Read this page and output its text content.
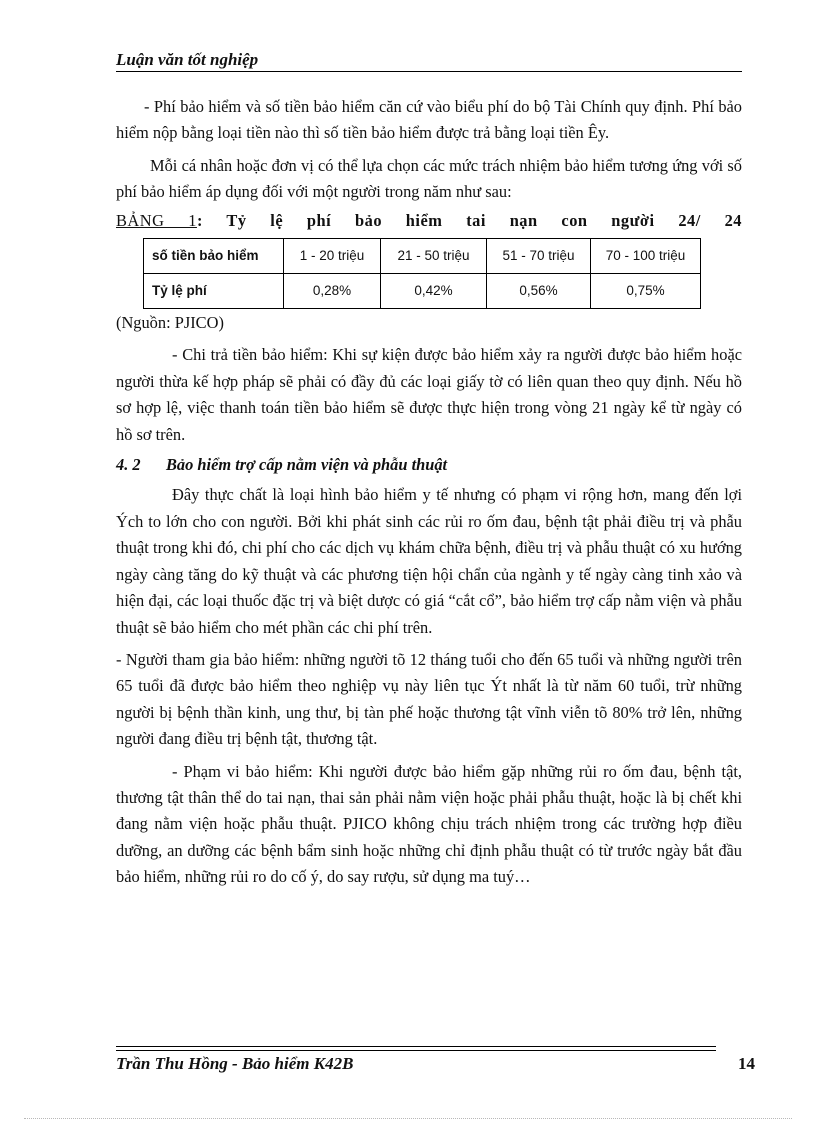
Luận văn tốt nghiệp

- Phí bảo hiểm và số tiền bảo hiểm căn cứ vào biểu phí do bộ Tài Chính quy định. Phí bảo hiểm nộp bằng loại tiền nào thì số tiền bảo hiểm được trả bằng loại tiền Êy.

Mỗi cá nhân hoặc đơn vị có thể lựa chọn các mức trách nhiệm bảo hiểm tương ứng với số phí bảo hiểm áp dụng đối với một người trong năm như sau:

BẢNG 1: Tỷ lệ phí bảo hiểm tai nạn con người 24/ 24

số tiền bảo hiểm	1 - 20 triệu	21 - 50 triệu	51 - 70 triệu	70 - 100 triệu
Tỷ lệ phí	0,28%	0,42%	0,56%	0,75%

(Nguồn: PJICO)

- Chi trả tiền bảo hiểm: Khi sự kiện được bảo hiểm xảy ra người được bảo hiểm hoặc người thừa kế hợp pháp sẽ phải có đầy đủ các loại giấy tờ có liên quan theo quy định. Nếu hồ sơ hợp lệ, việc thanh toán tiền bảo hiểm sẽ được thực hiện trong vòng 21 ngày kể từ ngày có hồ sơ trên.

4. 2 Bảo hiểm trợ cấp nằm viện và phẫu thuật

Đây thực chất là loại hình bảo hiểm y tế nhưng có phạm vi rộng hơn, mang đến lợi Ých to lớn cho con người. Bởi khi phát sinh các rủi ro ốm đau, bệnh tật phải điều trị và phẫu thuật trong khi đó, chi phí cho các dịch vụ khám chữa bệnh, điều trị và phẫu thuật có xu hướng ngày càng tăng do kỹ thuật và các phương tiện hội chẩn của ngành y tế ngày càng tinh xảo và hiện đại, các loại thuốc đặc trị và biệt dược có giá “cắt cổ”, bảo hiểm trợ cấp nằm viện và phẫu thuật sẽ bảo hiểm cho mét phần các chi phí trên.

- Người tham gia bảo hiểm: những người tõ 12 tháng tuổi cho đến 65 tuổi và những người trên 65 tuổi đã được bảo hiểm theo nghiệp vụ này liên tục Ýt nhất là từ năm 60 tuổi, trừ những người bị bệnh thần kinh, ung thư, bị tàn phế hoặc thương tật vĩnh viễn tõ 80% trở lên, những người đang điều trị bệnh tật, thương tật.

- Phạm vi bảo hiểm: Khi người được bảo hiểm gặp những rủi ro ốm đau, bệnh tật, thương tật thân thể do tai nạn, thai sản phải nằm viện hoặc phải phẫu thuật, hoặc là bị chết khi đang nằm viện hoặc phẫu thuật. PJICO không chịu trách nhiệm trong các trường hợp điều dưỡng, an dưỡng các bệnh bẩm sinh hoặc những chỉ định phẫu thuật có từ trước ngày bắt đầu bảo hiểm, những rủi ro do cố ý, do say rượu, sử dụng ma tuý…

Trần Thu Hồng - Bảo hiểm K42B	14
